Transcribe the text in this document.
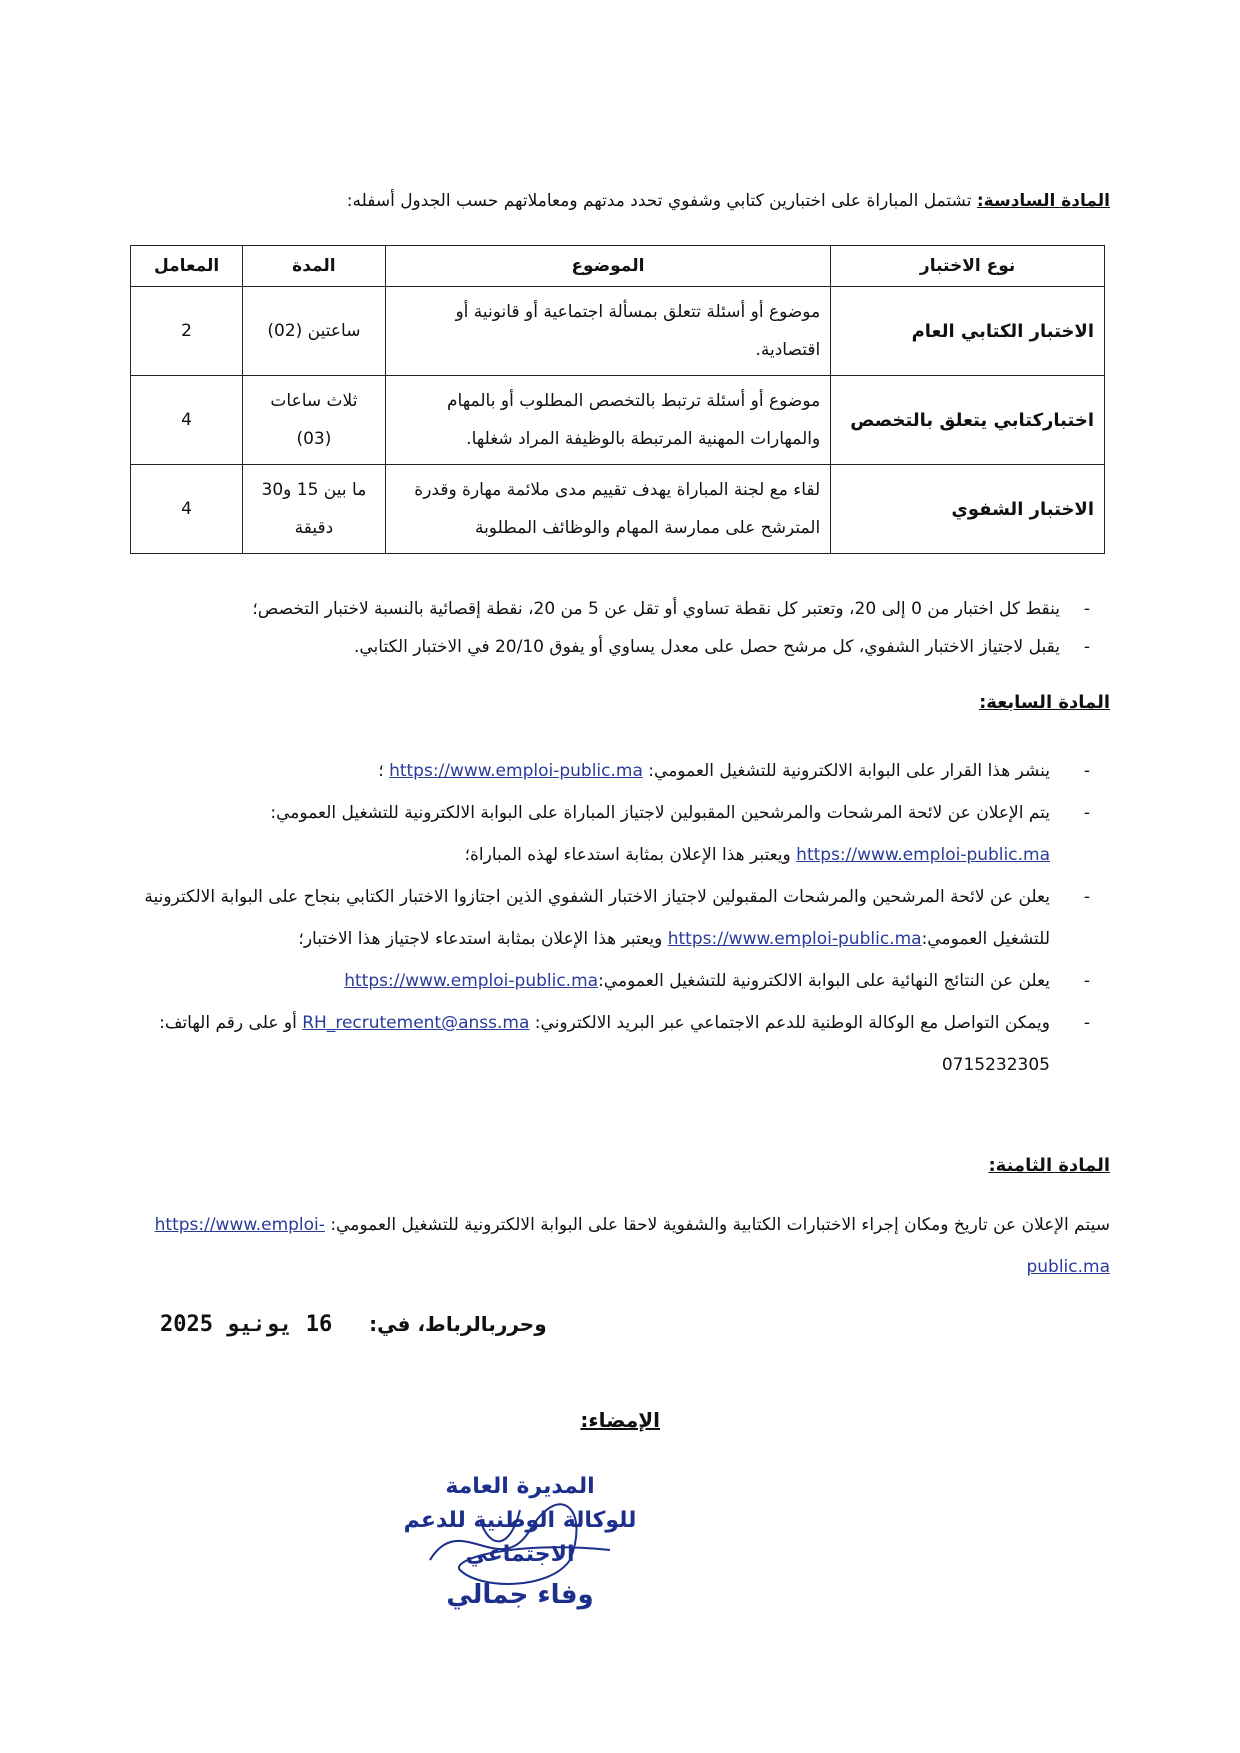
المادة السادسة: تشتمل المباراة على اختبارين كتابي وشفوي تحدد مدتهم ومعاملاتهم حسب الجدول أسفله:
نوع الاختبار	الموضوع	المدة	المعامل
الاختبار الكتابي العام	موضوع أو أسئلة تتعلق بمسألة اجتماعية أو قانونية أو اقتصادية.	ساعتين (02)	2
اختباركتابي يتعلق بالتخصص	موضوع أو أسئلة ترتبط بالتخصص المطلوب أو بالمهام والمهارات المهنية المرتبطة بالوظيفة المراد شغلها.	ثلاث ساعات (03)	4
الاختبار الشفوي	لقاء مع لجنة المباراة يهدف تقييم مدى ملائمة مهارة وقدرة المترشح على ممارسة المهام والوظائف المطلوبة	ما بين 15 و30 دقيقة	4
- ينقط كل اختبار من 0 إلى 20، وتعتبر كل نقطة تساوي أو تقل عن 5 من 20، نقطة إقصائية بالنسبة لاختبار التخصص؛
- يقبل لاجتياز الاختبار الشفوي، كل مرشح حصل على معدل يساوي أو يفوق 20/10 في الاختبار الكتابي.
المادة السابعة:
- ينشر هذا القرار على البوابة الالكترونية للتشغيل العمومي: https://www.emploi-public.ma ؛
- يتم الإعلان عن لائحة المرشحات والمرشحين المقبولين لاجتياز المباراة على البوابة الالكترونية للتشغيل العمومي: https://www.emploi-public.ma ويعتبر هذا الإعلان بمثابة استدعاء لهذه المباراة؛
- يعلن عن لائحة المرشحين والمرشحات المقبولين لاجتياز الاختبار الشفوي الذين اجتازوا الاختبار الكتابي بنجاح على البوابة الالكترونية للتشغيل العمومي:https://www.emploi-public.ma ويعتبر هذا الإعلان بمثابة استدعاء لاجتياز هذا الاختبار؛
- يعلن عن النتائج النهائية على البوابة الالكترونية للتشغيل العمومي:https://www.emploi-public.ma
- ويمكن التواصل مع الوكالة الوطنية للدعم الاجتماعي عبر البريد الالكتروني: RH_recrutement@anss.ma أو على رقم الهاتف: 0715232305
المادة الثامنة:
سيتم الإعلان عن تاريخ ومكان إجراء الاختبارات الكتابية والشفوية لاحقا على البوابة الالكترونية للتشغيل العمومي: https://www.emploi-public.ma
وحرربالرباط، في: 16 يونيو 2025
الإمضاء:
المديرة العامة
للوكالة الوطنية للدعم الاجتماعي
وفاء جمالي
